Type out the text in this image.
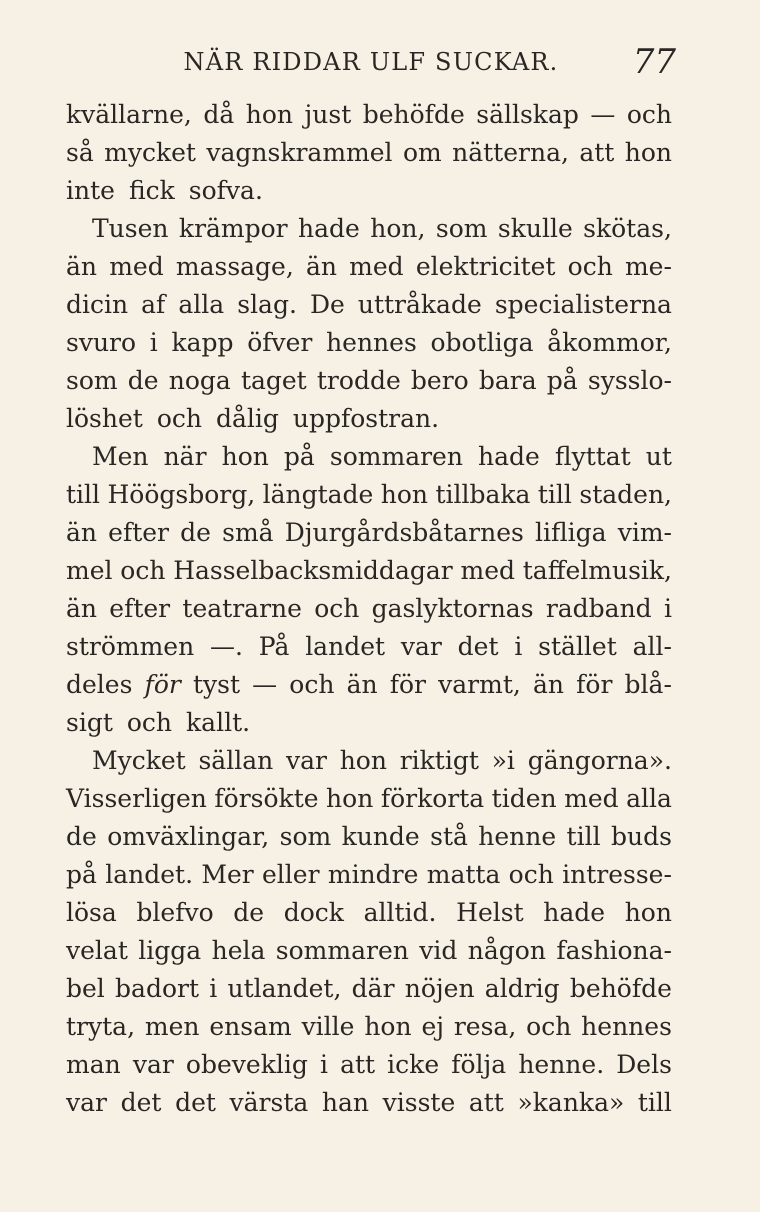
NÄR RIDDAR ULF SUCKAR.	77
kvällarne, då hon just behöfde sällskap — och
så mycket vagnskrammel om nätterna, att hon
inte fick sofva.
Tusen krämpor hade hon, som skulle skötas,
än med massage, än med elektricitet och me-
dicin af alla slag. De uttråkade specialisterna
svuro i kapp öfver hennes obotliga åkommor,
som de noga taget trodde bero bara på sysslo-
löshet och dålig uppfostran.
Men när hon på sommaren hade flyttat ut
till Höögsborg, längtade hon tillbaka till staden,
än efter de små Djurgårdsbåtarnes lifliga vim-
mel och Hasselbacksmiddagar med taffelmusik,
än efter teatrarne och gaslyktornas radband i
strömmen —. På landet var det i stället all-
deles för tyst — och än för varmt, än för blå-
sigt och kallt.
Mycket sällan var hon riktigt »i gängorna».
Visserligen försökte hon förkorta tiden med alla
de omväxlingar, som kunde stå henne till buds
på landet. Mer eller mindre matta och intresse-
lösa blefvo de dock alltid. Helst hade hon
velat ligga hela sommaren vid någon fashiona-
bel badort i utlandet, där nöjen aldrig behöfde
tryta, men ensam ville hon ej resa, och hennes
man var obeveklig i att icke följa henne. Dels
var det det värsta han visste att »kanka» till
